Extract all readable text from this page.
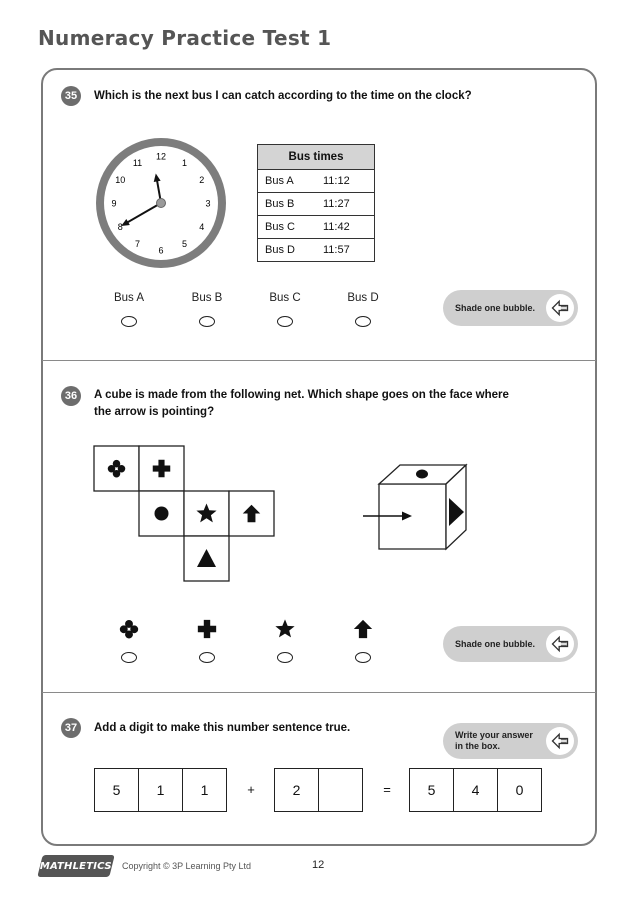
Numeracy Practice Test 1
35	Which is the next bus I can catch according to the time on the clock?
12
1
2
3
4
5
6
7
8
9
10
11	Bus times
Bus A	11:12
Bus B	11:27
Bus C	11:42
Bus D	11:57
Bus A	Bus B	Bus C	Bus D
Shade one bubble.
36	A cube is made from the following net. Which shape goes on the face where
the arrow is pointing?
Shade one bubble.
37	Add a digit to make this number sentence true.
Write your answer
in the box.
5	1	1	+	2	=	5	4	0
MATHLETICS Copyright © 3P Learning Pty Ltd	12
